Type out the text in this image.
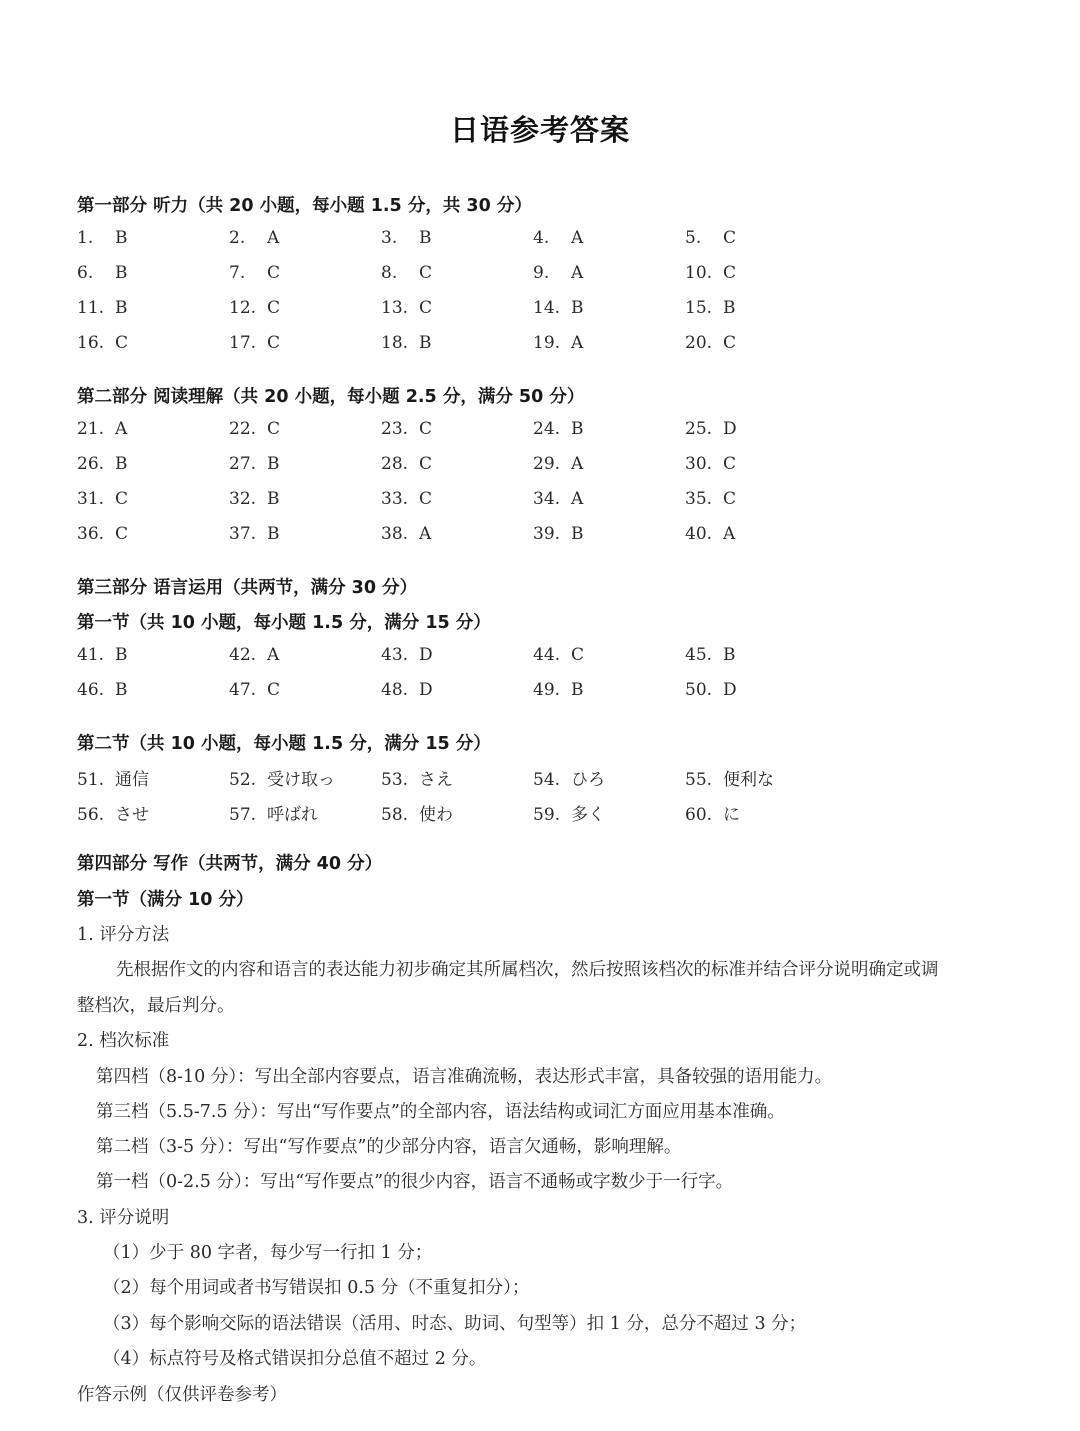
日语参考答案
第一部分 听力（共 20 小题，每小题 1.5 分，共 30 分）
1. B	2. A	3. B	4. A	5. C
6. B	7. C	8. C	9. A	10. C
11. B	12. C	13. C	14. B	15. B
16. C	17. C	18. B	19. A	20. C
第二部分 阅读理解（共 20 小题，每小题 2.5 分，满分 50 分）
21. A	22. C	23. C	24. B	25. D
26. B	27. B	28. C	29. A	30. C
31. C	32. B	33. C	34. A	35. C
36. C	37. B	38. A	39. B	40. A
第三部分 语言运用（共两节，满分 30 分）
第一节（共 10 小题，每小题 1.5 分，满分 15 分）
41. B	42. A	43. D	44. C	45. B
46. B	47. C	48. D	49. B	50. D
第二节（共 10 小题，每小题 1.5 分，满分 15 分）
51. 通信	52. 受け取っ	53. さえ	54. ひろ	55. 便利な
56. させ	57. 呼ばれ	58. 使わ	59. 多く	60. に
第四部分 写作（共两节，满分 40 分）
第一节（满分 10 分）
1. 评分方法
先根据作文的内容和语言的表达能力初步确定其所属档次，然后按照该档次的标准并结合评分说明确定或调
整档次，最后判分。
2. 档次标准
第四档（8-10 分）：写出全部内容要点，语言准确流畅，表达形式丰富，具备较强的语用能力。
第三档（5.5-7.5 分）：写出“写作要点”的全部内容，语法结构或词汇方面应用基本准确。
第二档（3-5 分）：写出“写作要点”的少部分内容，语言欠通畅，影响理解。
第一档（0-2.5 分）：写出“写作要点”的很少内容，语言不通畅或字数少于一行字。
3. 评分说明
（1）少于 80 字者，每少写一行扣 1 分；
（2）每个用词或者书写错误扣 0.5 分（不重复扣分）；
（3）每个影响交际的语法错误（活用、时态、助词、句型等）扣 1 分，总分不超过 3 分；
（4）标点符号及格式错误扣分总值不超过 2 分。
作答示例（仅供评卷参考）
